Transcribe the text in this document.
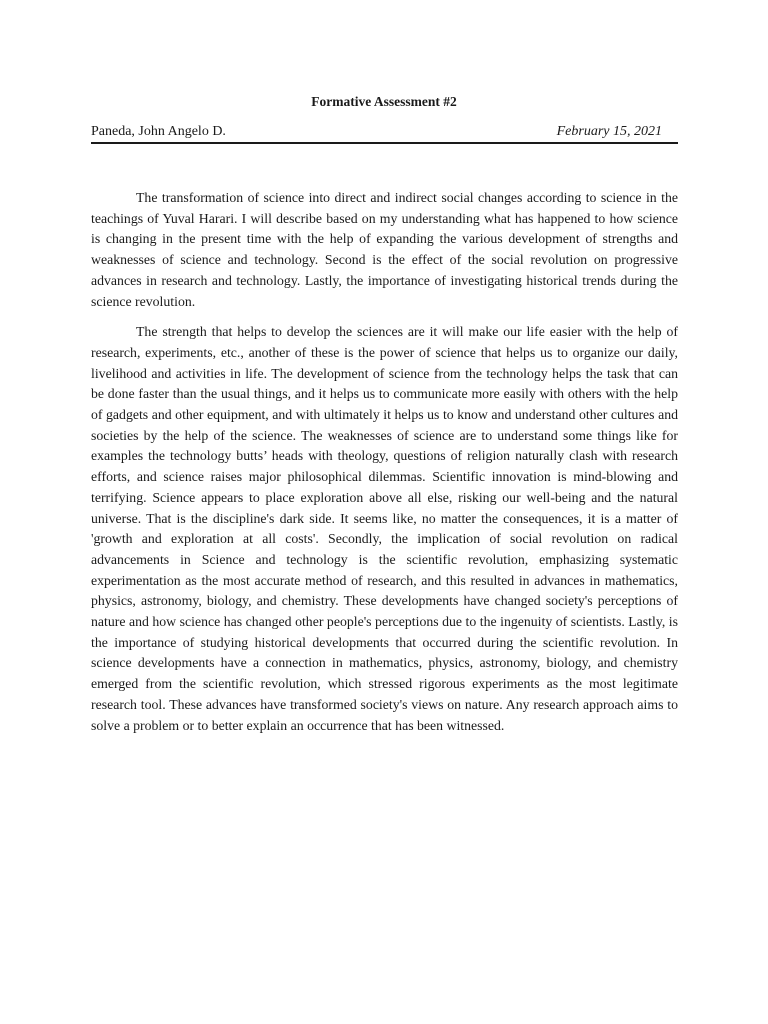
Formative Assessment #2
Paneda, John Angelo D.	February 15, 2021

The transformation of science into direct and indirect social changes according to science in the teachings of Yuval Harari. I will describe based on my understanding what has happened to how science is changing in the present time with the help of expanding the various development of strengths and weaknesses of science and technology. Second is the effect of the social revolution on progressive advances in research and technology. Lastly, the importance of investigating historical trends during the science revolution.

The strength that helps to develop the sciences are it will make our life easier with the help of research, experiments, etc., another of these is the power of science that helps us to organize our daily, livelihood and activities in life. The development of science from the technology helps the task that can be done faster than the usual things, and it helps us to communicate more easily with others with the help of gadgets and other equipment, and with ultimately it helps us to know and understand other cultures and societies by the help of the science. The weaknesses of science are to understand some things like for examples the technology butts’ heads with theology, questions of religion naturally clash with research efforts, and science raises major philosophical dilemmas. Scientific innovation is mind-blowing and terrifying. Science appears to place exploration above all else, risking our well-being and the natural universe. That is the discipline's dark side. It seems like, no matter the consequences, it is a matter of 'growth and exploration at all costs'. Secondly, the implication of social revolution on radical advancements in Science and technology is the scientific revolution, emphasizing systematic experimentation as the most accurate method of research, and this resulted in advances in mathematics, physics, astronomy, biology, and chemistry. These developments have changed society's perceptions of nature and how science has changed other people's perceptions due to the ingenuity of scientists. Lastly, is the importance of studying historical developments that occurred during the scientific revolution. In science developments have a connection in mathematics, physics, astronomy, biology, and chemistry emerged from the scientific revolution, which stressed rigorous experiments as the most legitimate research tool. These advances have transformed society's views on nature. Any research approach aims to solve a problem or to better explain an occurrence that has been witnessed.
